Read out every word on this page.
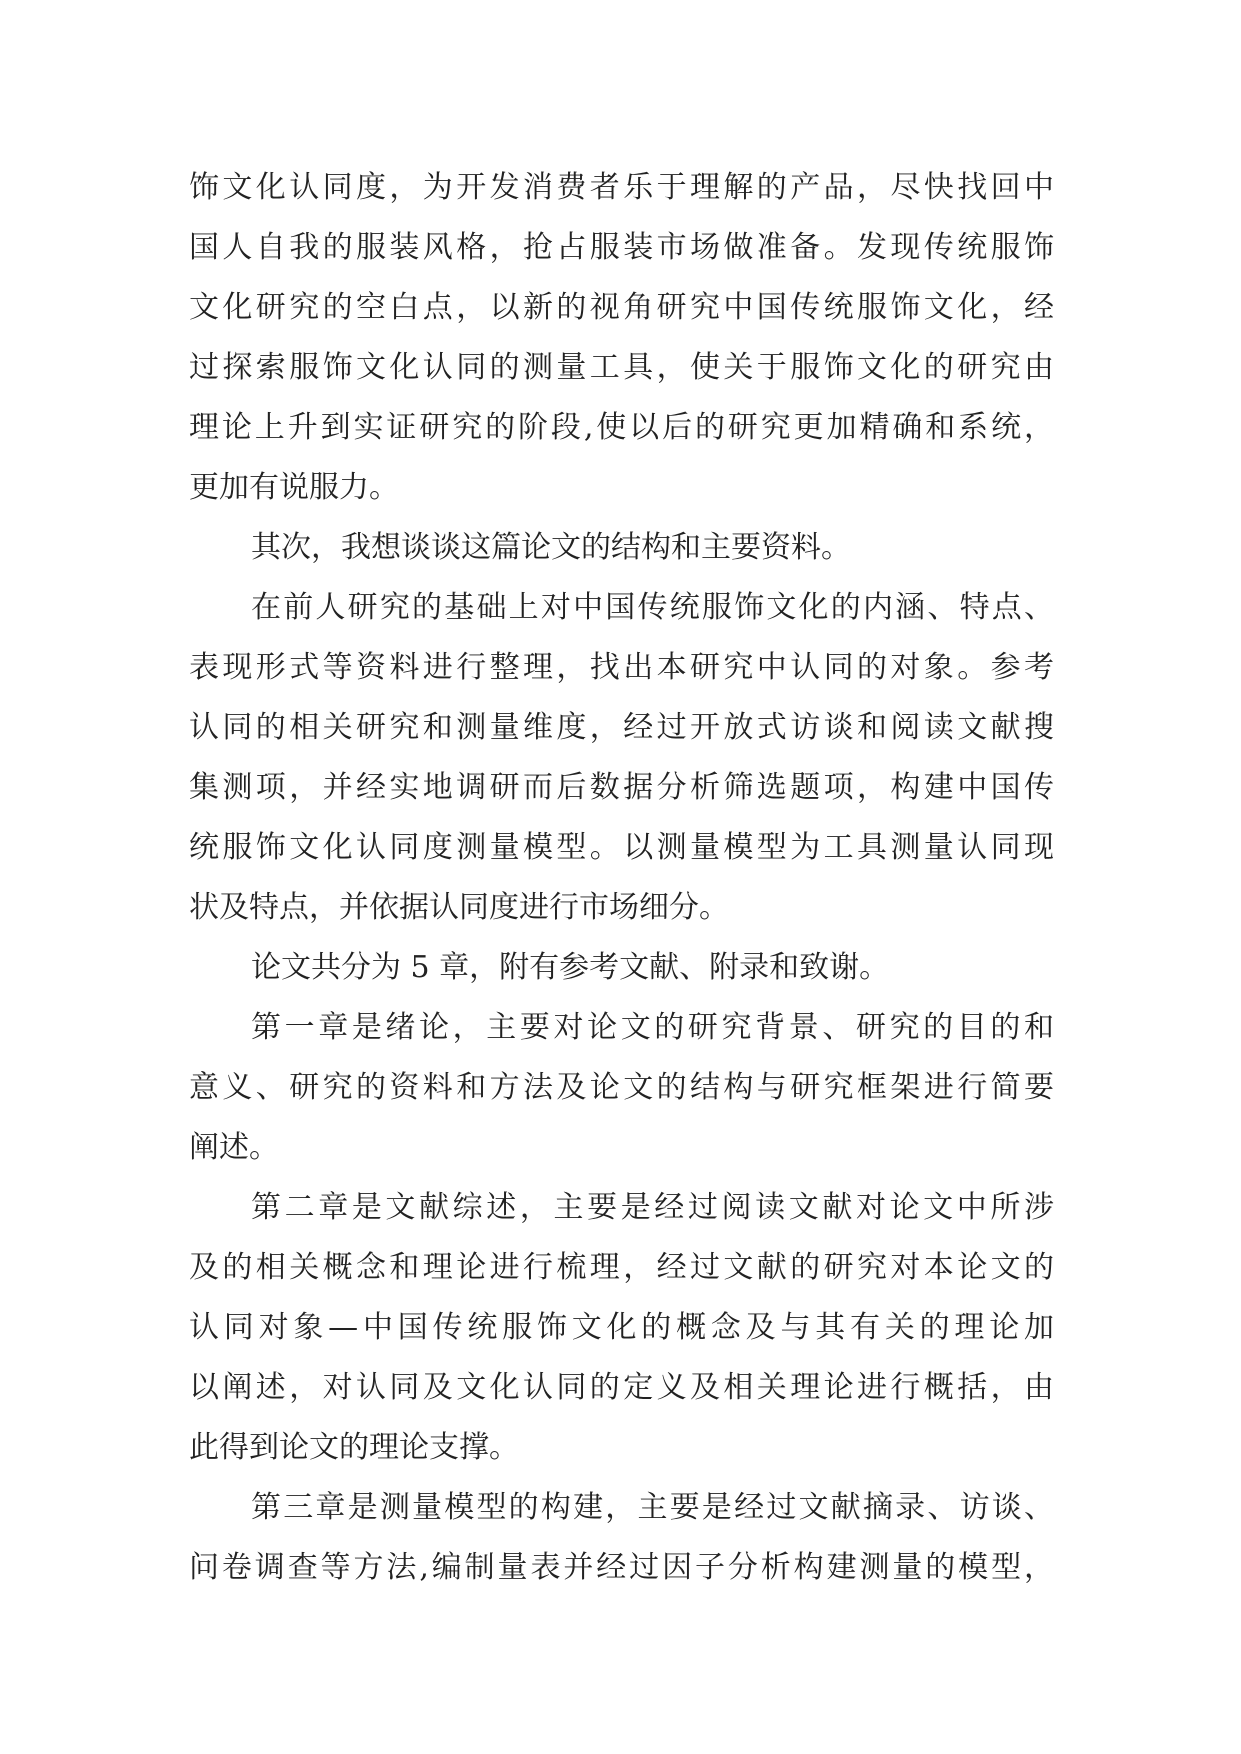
饰文化认同度，为开发消费者乐于理解的产品，尽快找回中
国人自我的服装风格，抢占服装市场做准备。发现传统服饰
文化研究的空白点，以新的视角研究中国传统服饰文化，经
过探索服饰文化认同的测量工具，使关于服饰文化的研究由
理论上升到实证研究的阶段,使以后的研究更加精确和系统，
更加有说服力。
其次，我想谈谈这篇论文的结构和主要资料。
在前人研究的基础上对中国传统服饰文化的内涵、特点、
表现形式等资料进行整理，找出本研究中认同的对象。参考
认同的相关研究和测量维度，经过开放式访谈和阅读文献搜
集测项，并经实地调研而后数据分析筛选题项，构建中国传
统服饰文化认同度测量模型。以测量模型为工具测量认同现
状及特点，并依据认同度进行市场细分。
论文共分为 5 章，附有参考文献、附录和致谢。
第一章是绪论，主要对论文的研究背景、研究的目的和
意义、研究的资料和方法及论文的结构与研究框架进行简要
阐述。
第二章是文献综述，主要是经过阅读文献对论文中所涉
及的相关概念和理论进行梳理，经过文献的研究对本论文的
认同对象—中国传统服饰文化的概念及与其有关的理论加
以阐述，对认同及文化认同的定义及相关理论进行概括，由
此得到论文的理论支撑。
第三章是测量模型的构建，主要是经过文献摘录、访谈、
问卷调查等方法,编制量表并经过因子分析构建测量的模型，
